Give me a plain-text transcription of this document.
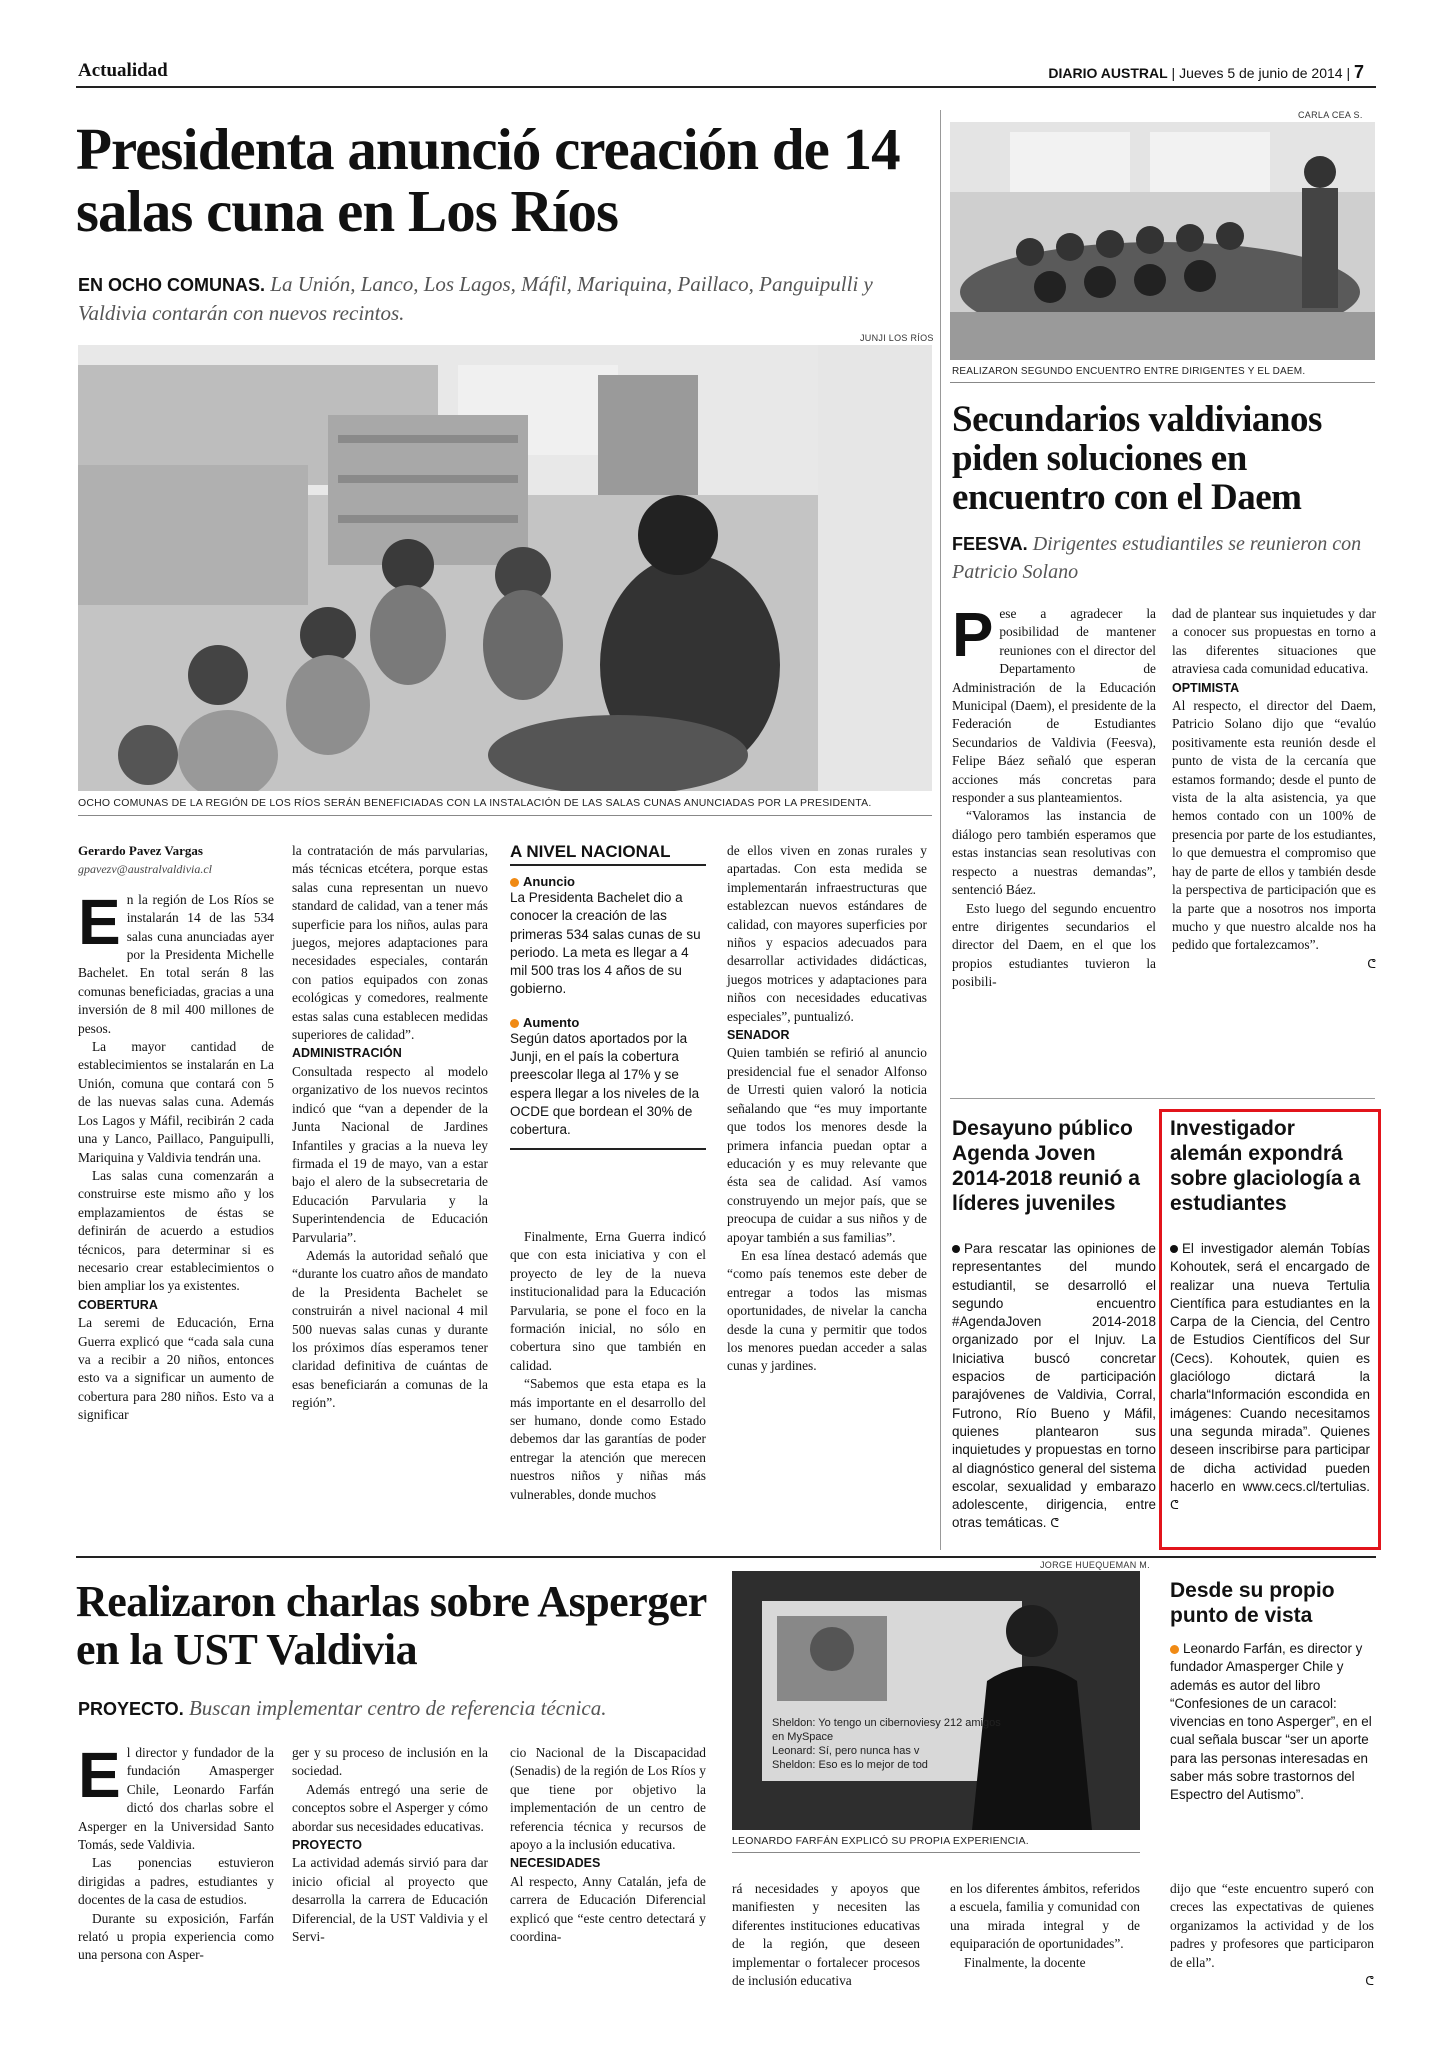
Actualidad	DIARIO AUSTRAL | Jueves 5 de junio de 2014 | 7
Presidenta anunció creación de 14 salas cuna en Los Ríos
EN OCHO COMUNAS. La Unión, Lanco, Los Lagos, Máfil, Mariquina, Paillaco, Panguipulli y Valdivia contarán con nuevos recintos.
JUNJI LOS RÍOS
OCHO COMUNAS DE LA REGIÓN DE LOS RÍOS SERÁN BENEFICIADAS CON LA INSTALACIÓN DE LAS SALAS CUNAS ANUNCIADAS POR LA PRESIDENTA.
Gerardo Pavez Vargas
gpavezv@australvaldivia.cl
E n la región de Los Ríos se instalarán 14 de las 534 salas cuna anunciadas ayer por la Presidenta Michelle Bachelet. En total serán 8 las comunas beneficiadas, gracias a una inversión de 8 mil 400 millones de pesos.

La mayor cantidad de establecimientos se instalarán en La Unión, comuna que contará con 5 de las nuevas salas cuna. Además Los Lagos y Máfil, recibirán 2 cada una y Lanco, Paillaco, Panguipulli, Mariquina y Valdivia tendrán una.

Las salas cuna comenzarán a construirse este mismo año y los emplazamientos de éstas se definirán de acuerdo a estudios técnicos, para determinar si es necesario crear establecimientos o bien ampliar los ya existentes.

COBERTURA

La seremi de Educación, Erna Guerra explicó que “cada sala cuna va a recibir a 20 niños, entonces esto va a significar un aumento de cobertura para 280 niños. Esto va a significar

la contratación de más parvularias, más técnicas etcétera, porque estas salas cuna representan un nuevo standard de calidad, van a tener más superficie para los niños, aulas para juegos, mejores adaptaciones para necesidades especiales, contarán con patios equipados con zonas ecológicas y comedores, realmente estas salas cuna establecen medidas superiores de calidad”.

ADMINISTRACIÓN

Consultada respecto al modelo organizativo de los nuevos recintos indicó que “van a depender de la Junta Nacional de Jardines Infantiles y gracias a la nueva ley firmada el 19 de mayo, van a estar bajo el alero de la subsecretaria de Educación Parvularia y la Superintendencia de Educación Parvularia”.

Además la autoridad señaló que “durante los cuatro años de mandato de la Presidenta Bachelet se construirán a nivel nacional 4 mil 500 nuevas salas cunas y durante los próximos días esperamos tener claridad definitiva de cuántas de esas beneficiarán a comunas de la región”.

A NIVEL NACIONAL
Anuncio
La Presidenta Bachelet dio a conocer la creación de las primeras 534 salas cunas de su periodo. La meta es llegar a 4 mil 500 tras los 4 años de su gobierno.
Aumento
Según datos aportados por la Junji, en el país la cobertura preescolar llega al 17% y se espera llegar a los niveles de la OCDE que bordean el 30% de cobertura.

Finalmente, Erna Guerra indicó que con esta iniciativa y con el proyecto de ley de la nueva institucionalidad para la Educación Parvularia, se pone el foco en la formación inicial, no sólo en cobertura sino que también en calidad.

“Sabemos que esta etapa es la más importante en el desarrollo del ser humano, donde como Estado debemos dar las garantías de poder entregar la atención que merecen nuestros niños y niñas más vulnerables, donde muchos

de ellos viven en zonas rurales y apartadas. Con esta medida se implementarán infraestructuras que establezcan nuevos estándares de calidad, con mayores superficies por niños y espacios adecuados para desarrollar actividades didácticas, juegos motrices y adaptaciones para niños con necesidades educativas especiales”, puntualizó.

SENADOR

Quien también se refirió al anuncio presidencial fue el senador Alfonso de Urresti quien valoró la noticia señalando que “es muy importante que todos los menores desde la primera infancia puedan optar a educación y es muy relevante que ésta sea de calidad. Así vamos construyendo un mejor país, que se preocupa de cuidar a sus niños y de apoyar también a sus familias”.

En esa línea destacó además que “como país tenemos este deber de entregar a todos las mismas oportunidades, de nivelar la cancha desde la cuna y permitir que todos los menores puedan acceder a salas cunas y jardines.

CARLA CEA S.
REALIZARON SEGUNDO ENCUENTRO ENTRE DIRIGENTES Y EL DAEM.
Secundarios valdivianos piden soluciones en encuentro con el Daem
FEESVA. Dirigentes estudiantiles se reunieron con Patricio Solano
P ese a agradecer la posibilidad de mantener reuniones con el director del Departamento de Administración de la Educación Municipal (Daem), el presidente de la Federación de Estudiantes Secundarios de Valdivia (Feesva), Felipe Báez señaló que esperan acciones más concretas para responder a sus planteamientos.

“Valoramos las instancia de diálogo pero también esperamos que estas instancias sean resolutivas con respecto a nuestras demandas”, sentenció Báez.

Esto luego del segundo encuentro entre dirigentes secundarios el director del Daem, en el que los propios estudiantes tuvieron la posibili-

dad de plantear sus inquietudes y dar a conocer sus propuestas en torno a las diferentes situaciones que atraviesa cada comunidad educativa.

OPTIMISTA

Al respecto, el director del Daem, Patricio Solano dijo que “evalúo positivamente esta reunión desde el punto de vista de la cercanía que estamos formando; desde el punto de vista de la alta asistencia, ya que hemos contado con un 100% de presencia por parte de los estudiantes, lo que demuestra el compromiso que hay de parte de ellos y también desde la perspectiva de participación que es la parte que a nosotros nos importa mucho y que nuestro alcalde nos ha pedido que fortalezcamos”.

ᕦ

Desayuno público Agenda Joven 2014-2018 reunió a líderes juveniles
Para rescatar las opiniones de representantes del mundo estudiantil, se desarrolló el segundo encuentro #AgendaJoven 2014-2018 organizado por el Injuv. La Iniciativa buscó concretar espacios de participación parajóvenes de Valdivia, Corral, Futrono, Río Bueno y Máfil, quienes plantearon sus inquietudes y propuestas en torno al diagnóstico general del sistema escolar, sexualidad y embarazo adolescente, dirigencia, entre otras temáticas. ᕦ
Investigador alemán expondrá sobre glaciología a estudiantes
El investigador alemán Tobías Kohoutek, será el encargado de realizar una nueva Tertulia Científica para estudiantes en la Carpa de la Ciencia, del Centro de Estudios Científicos del Sur (Cecs). Kohoutek, quien es glaciólogo dictará la charla“Información escondida en imágenes: Cuando necesitamos una segunda mirada”. Quienes deseen inscribirse para participar de dicha actividad pueden hacerlo en www.cecs.cl/tertulias. ᕦ
Realizaron charlas sobre Asperger en la UST Valdivia
PROYECTO. Buscan implementar centro de referencia técnica.
JORGE HUEQUEMAN M.
Sheldon: Yo tengo un cibernoviesy 212 amigos en MySpace
Leonard: Sí, pero nunca has v
Sheldon: Eso es lo mejor de tod
LEONARDO FARFÁN EXPLICÓ SU PROPIA EXPERIENCIA.
E l director y fundador de la fundación Amasperger Chile, Leonardo Farfán dictó dos charlas sobre el Asperger en la Universidad Santo Tomás, sede Valdivia.

Las ponencias estuvieron dirigidas a padres, estudiantes y docentes de la casa de estudios.

Durante su exposición, Farfán relató u propia experiencia como una persona con Asper-

ger y su proceso de inclusión en la sociedad.

Además entregó una serie de conceptos sobre el Asperger y cómo abordar sus necesidades educativas.

PROYECTO

La actividad además sirvió para dar inicio oficial al proyecto que desarrolla la carrera de Educación Diferencial, de la UST Valdivia y el Servi-

cio Nacional de la Discapacidad (Senadis) de la región de Los Ríos y que tiene por objetivo la implementación de un centro de referencia técnica y recursos de apoyo a la inclusión educativa.

NECESIDADES

Al respecto, Anny Catalán, jefa de carrera de Educación Diferencial explicó que “este centro detectará y coordina-

rá necesidades y apoyos que manifiesten y necesiten las diferentes instituciones educativas de la región, que deseen implementar o fortalecer procesos de inclusión educativa

en los diferentes ámbitos, referidos a escuela, familia y comunidad con una mirada integral y de equiparación de oportunidades”.

Finalmente, la docente

dijo que “este encuentro superó con creces las expectativas de quienes organizamos la actividad y de los padres y profesores que participaron de ella”.

ᕦ

Desde su propio punto de vista
Leonardo Farfán, es director y fundador Amasperger Chile y además es autor del libro “Confesiones de un caracol: vivencias en tono Asperger”, en el cual señala buscar “ser un aporte para las personas interesadas en saber más sobre trastornos del Espectro del Autismo”.
